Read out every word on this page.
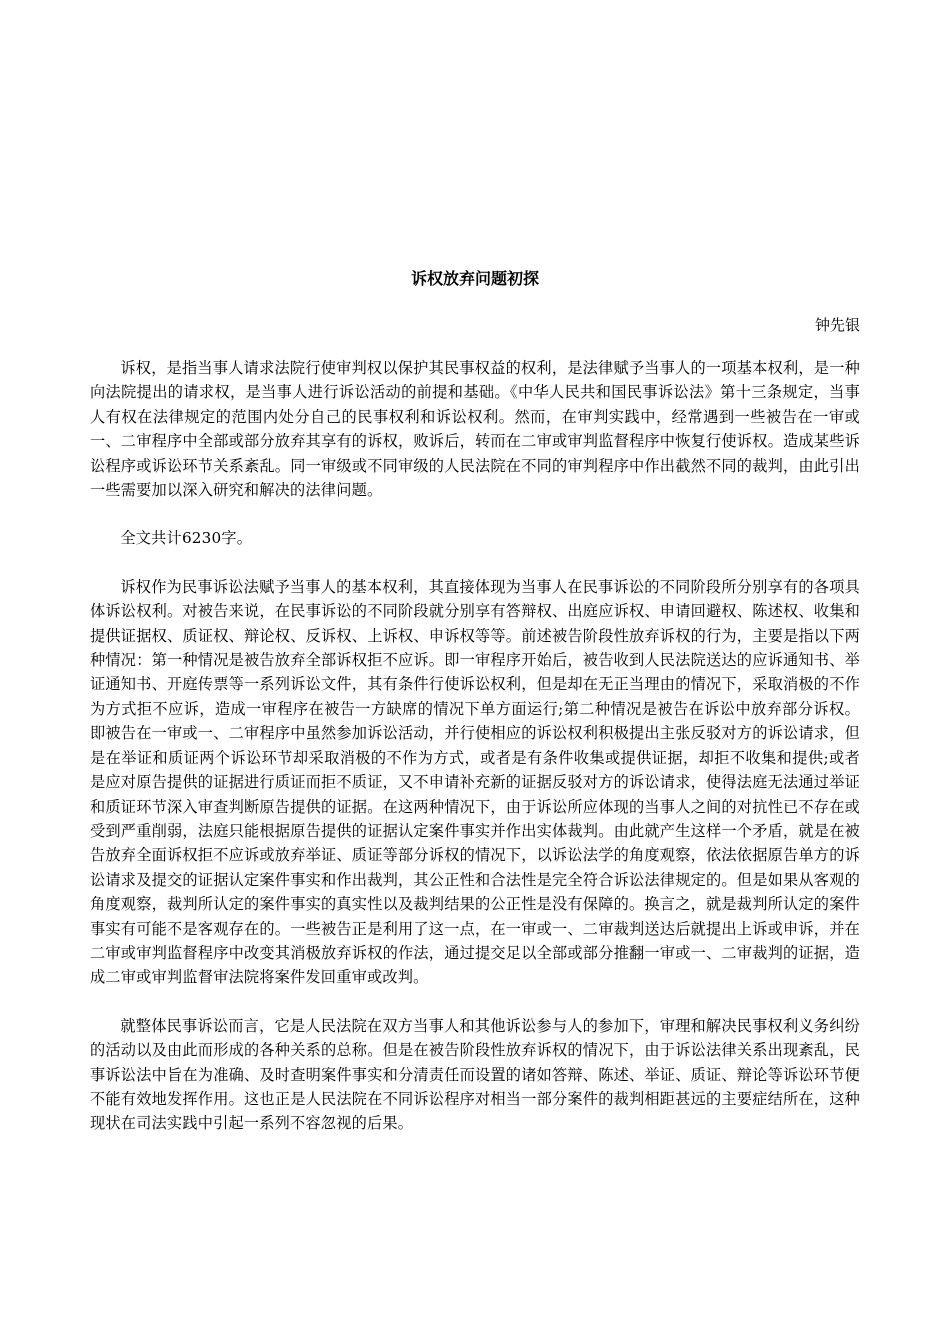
诉权放弃问题初探
钟先银

诉权，是指当事人请求法院行使审判权以保护其民事权益的权利，是法律赋予当事人的一项基本权利，是一种向法院提出的请求权，是当事人进行诉讼活动的前提和基础。《中华人民共和国民事诉讼法》第十三条规定，当事人有权在法律规定的范围内处分自己的民事权利和诉讼权利。然而，在审判实践中，经常遇到一些被告在一审或一、二审程序中全部或部分放弃其享有的诉权，败诉后，转而在二审或审判监督程序中恢复行使诉权。造成某些诉讼程序或诉讼环节关系紊乱。同一审级或不同审级的人民法院在不同的审判程序中作出截然不同的裁判，由此引出一些需要加以深入研究和解决的法律问题。

全文共计6230字。

诉权作为民事诉讼法赋予当事人的基本权利，其直接体现为当事人在民事诉讼的不同阶段所分别享有的各项具体诉讼权利。对被告来说，在民事诉讼的不同阶段就分别享有答辩权、出庭应诉权、申请回避权、陈述权、收集和提供证据权、质证权、辩论权、反诉权、上诉权、申诉权等等。前述被告阶段性放弃诉权的行为，主要是指以下两种情况：第一种情况是被告放弃全部诉权拒不应诉。即一审程序开始后，被告收到人民法院送达的应诉通知书、举证通知书、开庭传票等一系列诉讼文件，其有条件行使诉讼权利，但是却在无正当理由的情况下，采取消极的不作为方式拒不应诉，造成一审程序在被告一方缺席的情况下单方面运行;第二种情况是被告在诉讼中放弃部分诉权。即被告在一审或一、二审程序中虽然参加诉讼活动，并行使相应的诉讼权利积极提出主张反驳对方的诉讼请求，但是在举证和质证两个诉讼环节却采取消极的不作为方式，或者是有条件收集或提供证据，却拒不收集和提供;或者是应对原告提供的证据进行质证而拒不质证，又不申请补充新的证据反驳对方的诉讼请求，使得法庭无法通过举证和质证环节深入审查判断原告提供的证据。在这两种情况下，由于诉讼所应体现的当事人之间的对抗性已不存在或受到严重削弱，法庭只能根据原告提供的证据认定案件事实并作出实体裁判。由此就产生这样一个矛盾，就是在被告放弃全面诉权拒不应诉或放弃举证、质证等部分诉权的情况下，以诉讼法学的角度观察，依法依据原告单方的诉讼请求及提交的证据认定案件事实和作出裁判，其公正性和合法性是完全符合诉讼法律规定的。但是如果从客观的角度观察，裁判所认定的案件事实的真实性以及裁判结果的公正性是没有保障的。换言之，就是裁判所认定的案件事实有可能不是客观存在的。一些被告正是利用了这一点，在一审或一、二审裁判送达后就提出上诉或申诉，并在二审或审判监督程序中改变其消极放弃诉权的作法，通过提交足以全部或部分推翻一审或一、二审裁判的证据，造成二审或审判监督审法院将案件发回重审或改判。

就整体民事诉讼而言，它是人民法院在双方当事人和其他诉讼参与人的参加下，审理和解决民事权利义务纠纷的活动以及由此而形成的各种关系的总称。但是在被告阶段性放弃诉权的情况下，由于诉讼法律关系出现紊乱，民事诉讼法中旨在为准确、及时查明案件事实和分清责任而设置的诸如答辩、陈述、举证、质证、辩论等诉讼环节便不能有效地发挥作用。这也正是人民法院在不同诉讼程序对相当一部分案件的裁判相距甚远的主要症结所在，这种现状在司法实践中引起一系列不容忽视的后果。
